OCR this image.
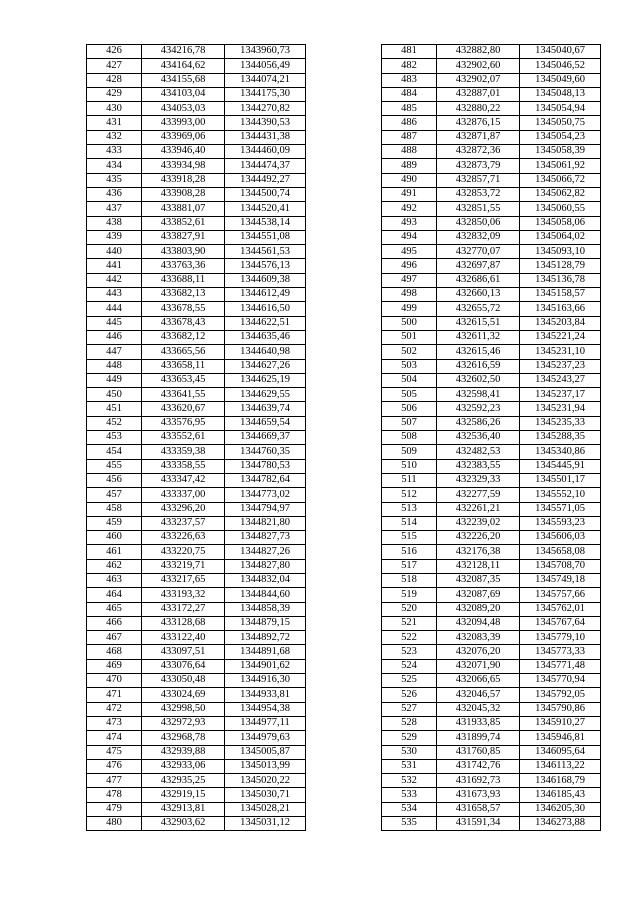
426	434216,78	1343960,73
427	434164,62	1344056,49
428	434155,68	1344074,21
429	434103,04	1344175,30
430	434053,03	1344270,82
431	433993,00	1344390,53
432	433969,06	1344431,38
433	433946,40	1344460,09
434	433934,98	1344474,37
435	433918,28	1344492,27
436	433908,28	1344500,74
437	433881,07	1344520,41
438	433852,61	1344538,14
439	433827,91	1344551,08
440	433803,90	1344561,53
441	433763,36	1344576,13
442	433688,11	1344609,38
443	433682,13	1344612,49
444	433678,55	1344616,50
445	433678,43	1344622,51
446	433682,12	1344635,46
447	433665,56	1344640,98
448	433658,11	1344627,26
449	433653,45	1344625,19
450	433641,55	1344629,55
451	433620,67	1344639,74
452	433576,95	1344659,54
453	433552,61	1344669,37
454	433359,38	1344760,35
455	433358,55	1344780,53
456	433347,42	1344782,64
457	433337,00	1344773,02
458	433296,20	1344794,97
459	433237,57	1344821,80
460	433226,63	1344827,73
461	433220,75	1344827,26
462	433219,71	1344827,80
463	433217,65	1344832,04
464	433193,32	1344844,60
465	433172,27	1344858,39
466	433128,68	1344879,15
467	433122,40	1344892,72
468	433097,51	1344891,68
469	433076,64	1344901,62
470	433050,48	1344916,30
471	433024,69	1344933,81
472	432998,50	1344954,38
473	432972,93	1344977,11
474	432968,78	1344979,63
475	432939,88	1345005,87
476	432933,06	1345013,99
477	432935,25	1345020,22
478	432919,15	1345030,71
479	432913,81	1345028,21
480	432903,62	1345031,12
481	432882,80	1345040,67
482	432902,60	1345046,52
483	432902,07	1345049,60
484	432887,01	1345048,13
485	432880,22	1345054,94
486	432876,15	1345050,75
487	432871,87	1345054,23
488	432872,36	1345058,39
489	432873,79	1345061,92
490	432857,71	1345066,72
491	432853,72	1345062,82
492	432851,55	1345060,55
493	432850,06	1345058,06
494	432832,09	1345064,02
495	432770,07	1345093,10
496	432697,87	1345128,79
497	432686,61	1345136,78
498	432660,13	1345158,57
499	432655,72	1345163,66
500	432615,51	1345203,84
501	432611,32	1345221,24
502	432615,46	1345231,10
503	432616,59	1345237,23
504	432602,50	1345243,27
505	432598,41	1345237,17
506	432592,23	1345231,94
507	432586,26	1345235,33
508	432536,40	1345288,35
509	432482,53	1345340,86
510	432383,55	1345445,91
511	432329,33	1345501,17
512	432277,59	1345552,10
513	432261,21	1345571,05
514	432239,02	1345593,23
515	432226,20	1345606,03
516	432176,38	1345658,08
517	432128,11	1345708,70
518	432087,35	1345749,18
519	432087,69	1345757,66
520	432089,20	1345762,01
521	432094,48	1345767,64
522	432083,39	1345779,10
523	432076,20	1345773,33
524	432071,90	1345771,48
525	432066,65	1345770,94
526	432046,57	1345792,05
527	432045,32	1345790,86
528	431933,85	1345910,27
529	431899,74	1345946,81
530	431760,85	1346095,64
531	431742,76	1346113,22
532	431692,73	1346168,79
533	431673,93	1346185,43
534	431658,57	1346205,30
535	431591,34	1346273,88
